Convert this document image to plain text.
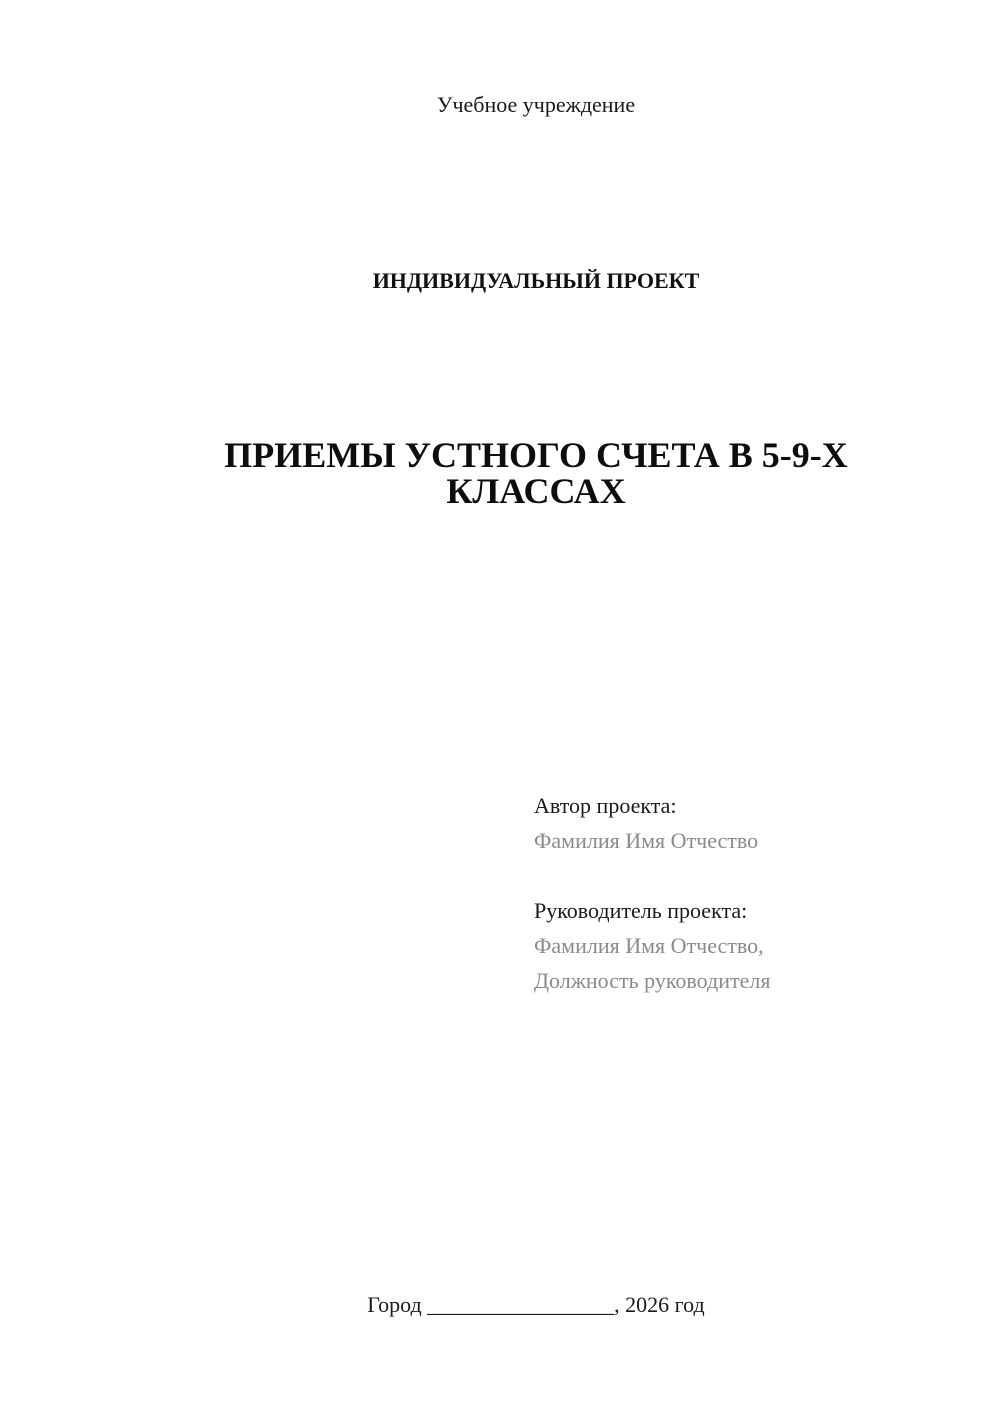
Учебное учреждение
ИНДИВИДУАЛЬНЫЙ ПРОЕКТ
ПРИЕМЫ УСТНОГО СЧЕТА В 5-9-Х
КЛАССАХ
Автор проекта:
Фамилия Имя Отчество
Руководитель проекта:
Фамилия Имя Отчество,
Должность руководителя
Город _________________, 2026 год
